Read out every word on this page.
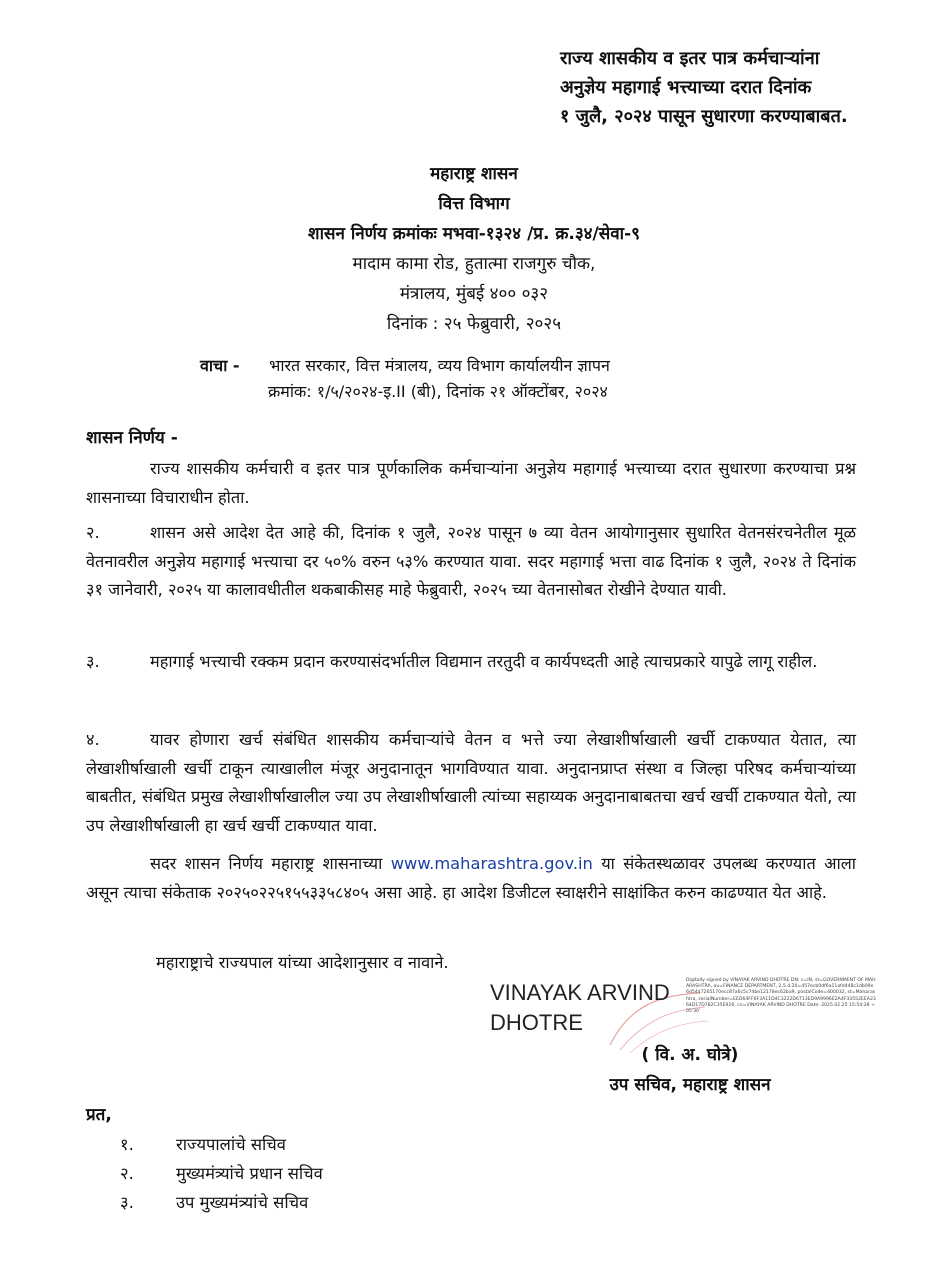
राज्य शासकीय व इतर पात्र कर्मचाऱ्यांना
अनुज्ञेय महागाई भत्त्याच्या दरात दिनांक
१ जुलै, २०२४ पासून सुधारणा करण्याबाबत.
महाराष्ट्र शासन
वित्त विभाग
शासन निर्णय क्रमांकः मभवा-१३२४ /प्र. क्र.३४/सेवा-९
मादाम कामा रोड, हुतात्मा राजगुरु चौक,
मंत्रालय, मुंबई ४०० ०३२
दिनांक : २५ फेब्रुवारी, २०२५
वाचा - भारत सरकार, वित्त मंत्रालय, व्यय विभाग कार्यालयीन ज्ञापन
क्रमांक: १/५/२०२४-इ.II (बी), दिनांक २१ ऑक्टोंबर, २०२४
शासन निर्णय -

राज्य शासकीय कर्मचारी व इतर पात्र पूर्णकालिक कर्मचाऱ्यांना अनुज्ञेय महागाई भत्त्याच्या दरात सुधारणा करण्याचा प्रश्न शासनाच्या विचाराधीन होता.

२.	शासन असे आदेश देत आहे की, दिनांक १ जुलै, २०२४ पासून ७ व्या वेतन आयोगानुसार सुधारित वेतनसंरचनेतील मूळ वेतनावरील अनुज्ञेय महागाई भत्त्याचा दर ५०% वरुन ५३% करण्यात यावा. सदर महागाई भत्ता वाढ दिनांक १ जुलै, २०२४ ते दिनांक ३१ जानेवारी, २०२५ या कालावधीतील थकबाकीसह माहे फेब्रुवारी, २०२५ च्या वेतनासोबत रोखीने देण्यात यावी.

३.	महागाई भत्त्याची रक्कम प्रदान करण्यासंदर्भातील विद्यमान तरतुदी व कार्यपध्दती आहे त्याचप्रकारे यापुढे लागू राहील.

४.	यावर होणारा खर्च संबंधित शासकीय कर्मचाऱ्यांचे वेतन व भत्ते ज्या लेखाशीर्षाखाली खर्ची टाकण्यात येतात, त्या लेखाशीर्षाखाली खर्ची टाकून त्याखालील मंजूर अनुदानातून भागविण्यात यावा. अनुदानप्राप्त संस्था व जिल्हा परिषद कर्मचाऱ्यांच्या बाबतीत, संबंधित प्रमुख लेखाशीर्षाखालील ज्या उप लेखाशीर्षाखाली त्यांच्या सहाय्यक अनुदानाबाबतचा खर्च खर्ची टाकण्यात येतो, त्या उप लेखाशीर्षाखाली हा खर्च खर्ची टाकण्यात यावा.

सदर शासन निर्णय महाराष्ट्र शासनाच्या www.maharashtra.gov.in या संकेतस्थळावर उपलब्ध करण्यात आला असून त्याचा संकेताक २०२५०२२५१५५३३५८४०५ असा आहे. हा आदेश डिजीटल स्वाक्षरीने साक्षांकित करुन काढण्यात येत आहे.

महाराष्ट्राचे राज्यपाल यांच्या आदेशानुसार व नावाने.
VINAYAK ARVIND
DHOTRE
Digitally signed by VINAYAK ARVIND DHOTRE DN: c=IN, st=GOVERNMENT OF MAHARASHTRA, ou=FINANCE DEPARTMENT, 2.5.4.20=457ecb0df6a11afd448c1db09e6d5447265170ecc87a6c5c74be12178ec62ba9, postalCode=400032, st=Maharashtra, serialNumber=EED64FF6F3A11D4C3222D6713ED9A9996E2A4F33552EEA2364D17D782C35E926, cn=VINAYAK ARVIND DHOTRE Date: 2025.02.25 15:54:28 +05'30'
( वि. अ. घोत्रे)
उप सचिव, महाराष्ट्र शासन
प्रत,
१.	राज्यपालांचे सचिव
२.	मुख्यमंत्र्यांचे प्रधान सचिव
३.	उप मुख्यमंत्र्यांचे सचिव
